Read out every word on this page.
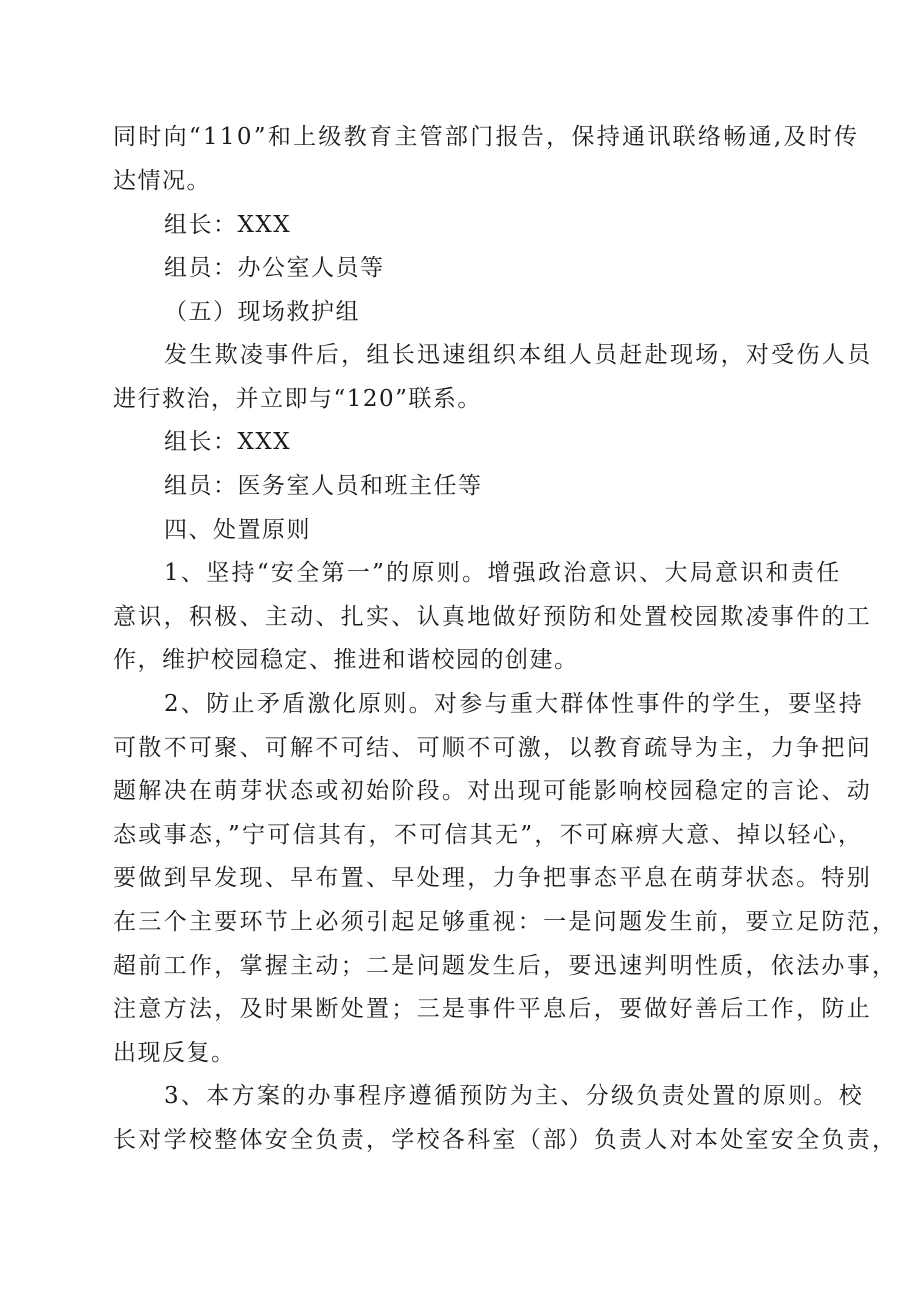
同时向“110”和上级教育主管部门报告，保持通讯联络畅通,及时传
达情况。
组长：XXX
组员：办公室人员等
（五）现场救护组
发生欺凌事件后，组长迅速组织本组人员赶赴现场，对受伤人员
进行救治，并立即与“120”联系。
组长：XXX
组员：医务室人员和班主任等
四、处置原则
1、坚持“安全第一”的原则。增强政治意识、大局意识和责任
意识，积极、主动、扎实、认真地做好预防和处置校园欺凌事件的工
作，维护校园稳定、推进和谐校园的创建。
2、防止矛盾激化原则。对参与重大群体性事件的学生，要坚持
可散不可聚、可解不可结、可顺不可激，以教育疏导为主，力争把问
题解决在萌芽状态或初始阶段。对出现可能影响校园稳定的言论、动
态或事态，”宁可信其有，不可信其无”，不可麻痹大意、掉以轻心，
要做到早发现、早布置、早处理，力争把事态平息在萌芽状态。特别
在三个主要环节上必须引起足够重视：一是问题发生前，要立足防范，
超前工作，掌握主动；二是问题发生后，要迅速判明性质，依法办事，
注意方法，及时果断处置；三是事件平息后，要做好善后工作，防止
出现反复。
3、本方案的办事程序遵循预防为主、分级负责处置的原则。校
长对学校整体安全负责，学校各科室（部）负责人对本处室安全负责，
